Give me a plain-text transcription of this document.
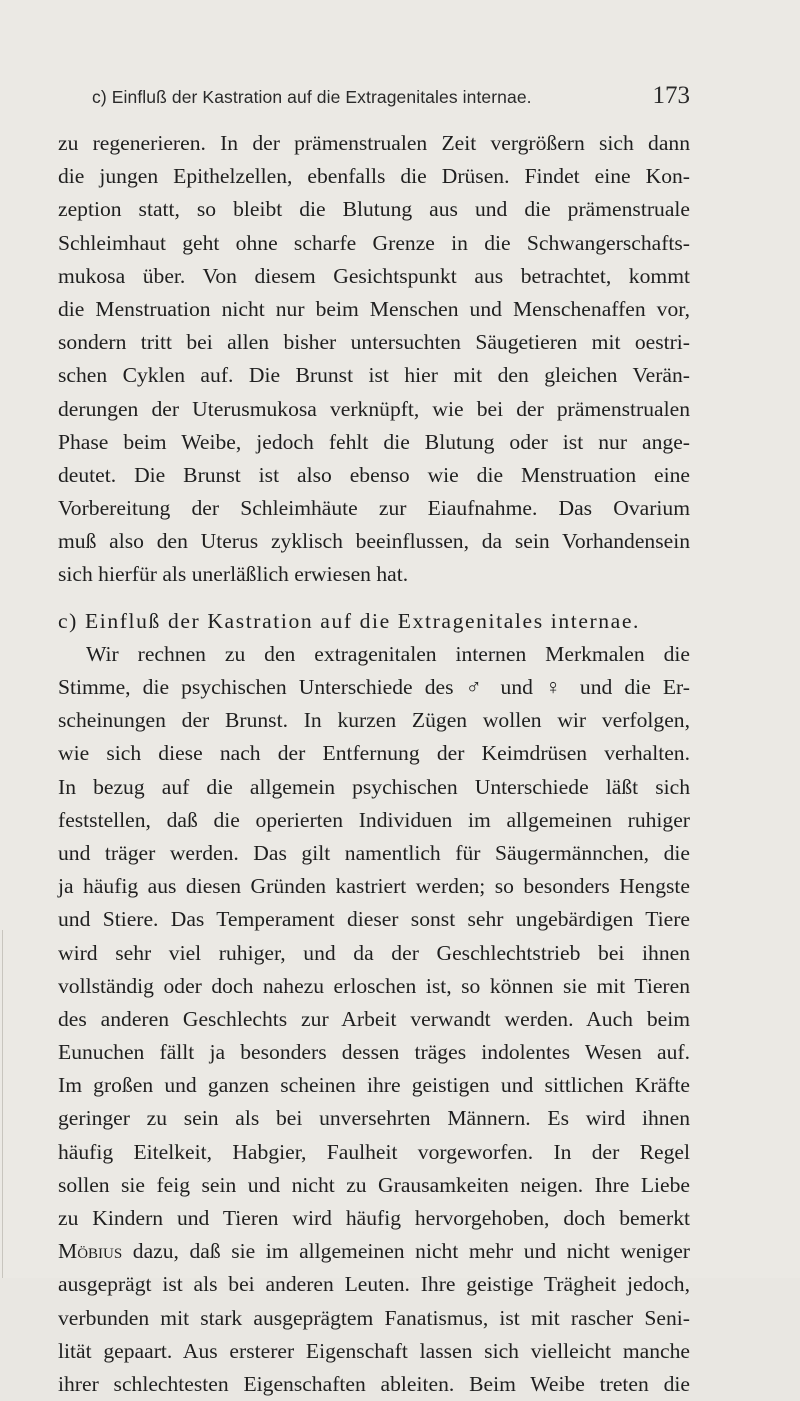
c) Einfluß der Kastration auf die Extragenitales internae.	173
zu regenerieren. In der prämenstrualen Zeit vergrößern sich dann
die jungen Epithelzellen, ebenfalls die Drüsen. Findet eine Kon-
zeption statt, so bleibt die Blutung aus und die prämenstruale
Schleimhaut geht ohne scharfe Grenze in die Schwangerschafts-
mukosa über. Von diesem Gesichtspunkt aus betrachtet, kommt
die Menstruation nicht nur beim Menschen und Menschenaffen vor,
sondern tritt bei allen bisher untersuchten Säugetieren mit oestri-
schen Cyklen auf. Die Brunst ist hier mit den gleichen Verän-
derungen der Uterusmukosa verknüpft, wie bei der prämenstrualen
Phase beim Weibe, jedoch fehlt die Blutung oder ist nur ange-
deutet. Die Brunst ist also ebenso wie die Menstruation eine
Vorbereitung der Schleimhäute zur Eiaufnahme. Das Ovarium
muß also den Uterus zyklisch beeinflussen, da sein Vorhandensein
sich hierfür als unerläßlich erwiesen hat.
c) Einfluß der Kastration auf die Extragenitales internae.
Wir rechnen zu den extragenitalen internen Merkmalen die
Stimme, die psychischen Unterschiede des ♂ und ♀ und die Er-
scheinungen der Brunst. In kurzen Zügen wollen wir verfolgen,
wie sich diese nach der Entfernung der Keimdrüsen verhalten.
In bezug auf die allgemein psychischen Unterschiede läßt sich
feststellen, daß die operierten Individuen im allgemeinen ruhiger
und träger werden. Das gilt namentlich für Säugermännchen, die
ja häufig aus diesen Gründen kastriert werden; so besonders Hengste
und Stiere. Das Temperament dieser sonst sehr ungebärdigen Tiere
wird sehr viel ruhiger, und da der Geschlechtstrieb bei ihnen
vollständig oder doch nahezu erloschen ist, so können sie mit Tieren
des anderen Geschlechts zur Arbeit verwandt werden. Auch beim
Eunuchen fällt ja besonders dessen träges indolentes Wesen auf.
Im großen und ganzen scheinen ihre geistigen und sittlichen Kräfte
geringer zu sein als bei unversehrten Männern. Es wird ihnen
häufig Eitelkeit, Habgier, Faulheit vorgeworfen. In der Regel
sollen sie feig sein und nicht zu Grausamkeiten neigen. Ihre Liebe
zu Kindern und Tieren wird häufig hervorgehoben, doch bemerkt
Möbius dazu, daß sie im allgemeinen nicht mehr und nicht weniger
ausgeprägt ist als bei anderen Leuten. Ihre geistige Trägheit jedoch,
verbunden mit stark ausgeprägtem Fanatismus, ist mit rascher Seni-
lität gepaart. Aus ersterer Eigenschaft lassen sich vielleicht manche
ihrer schlechtesten Eigenschaften ableiten. Beim Weibe treten die
